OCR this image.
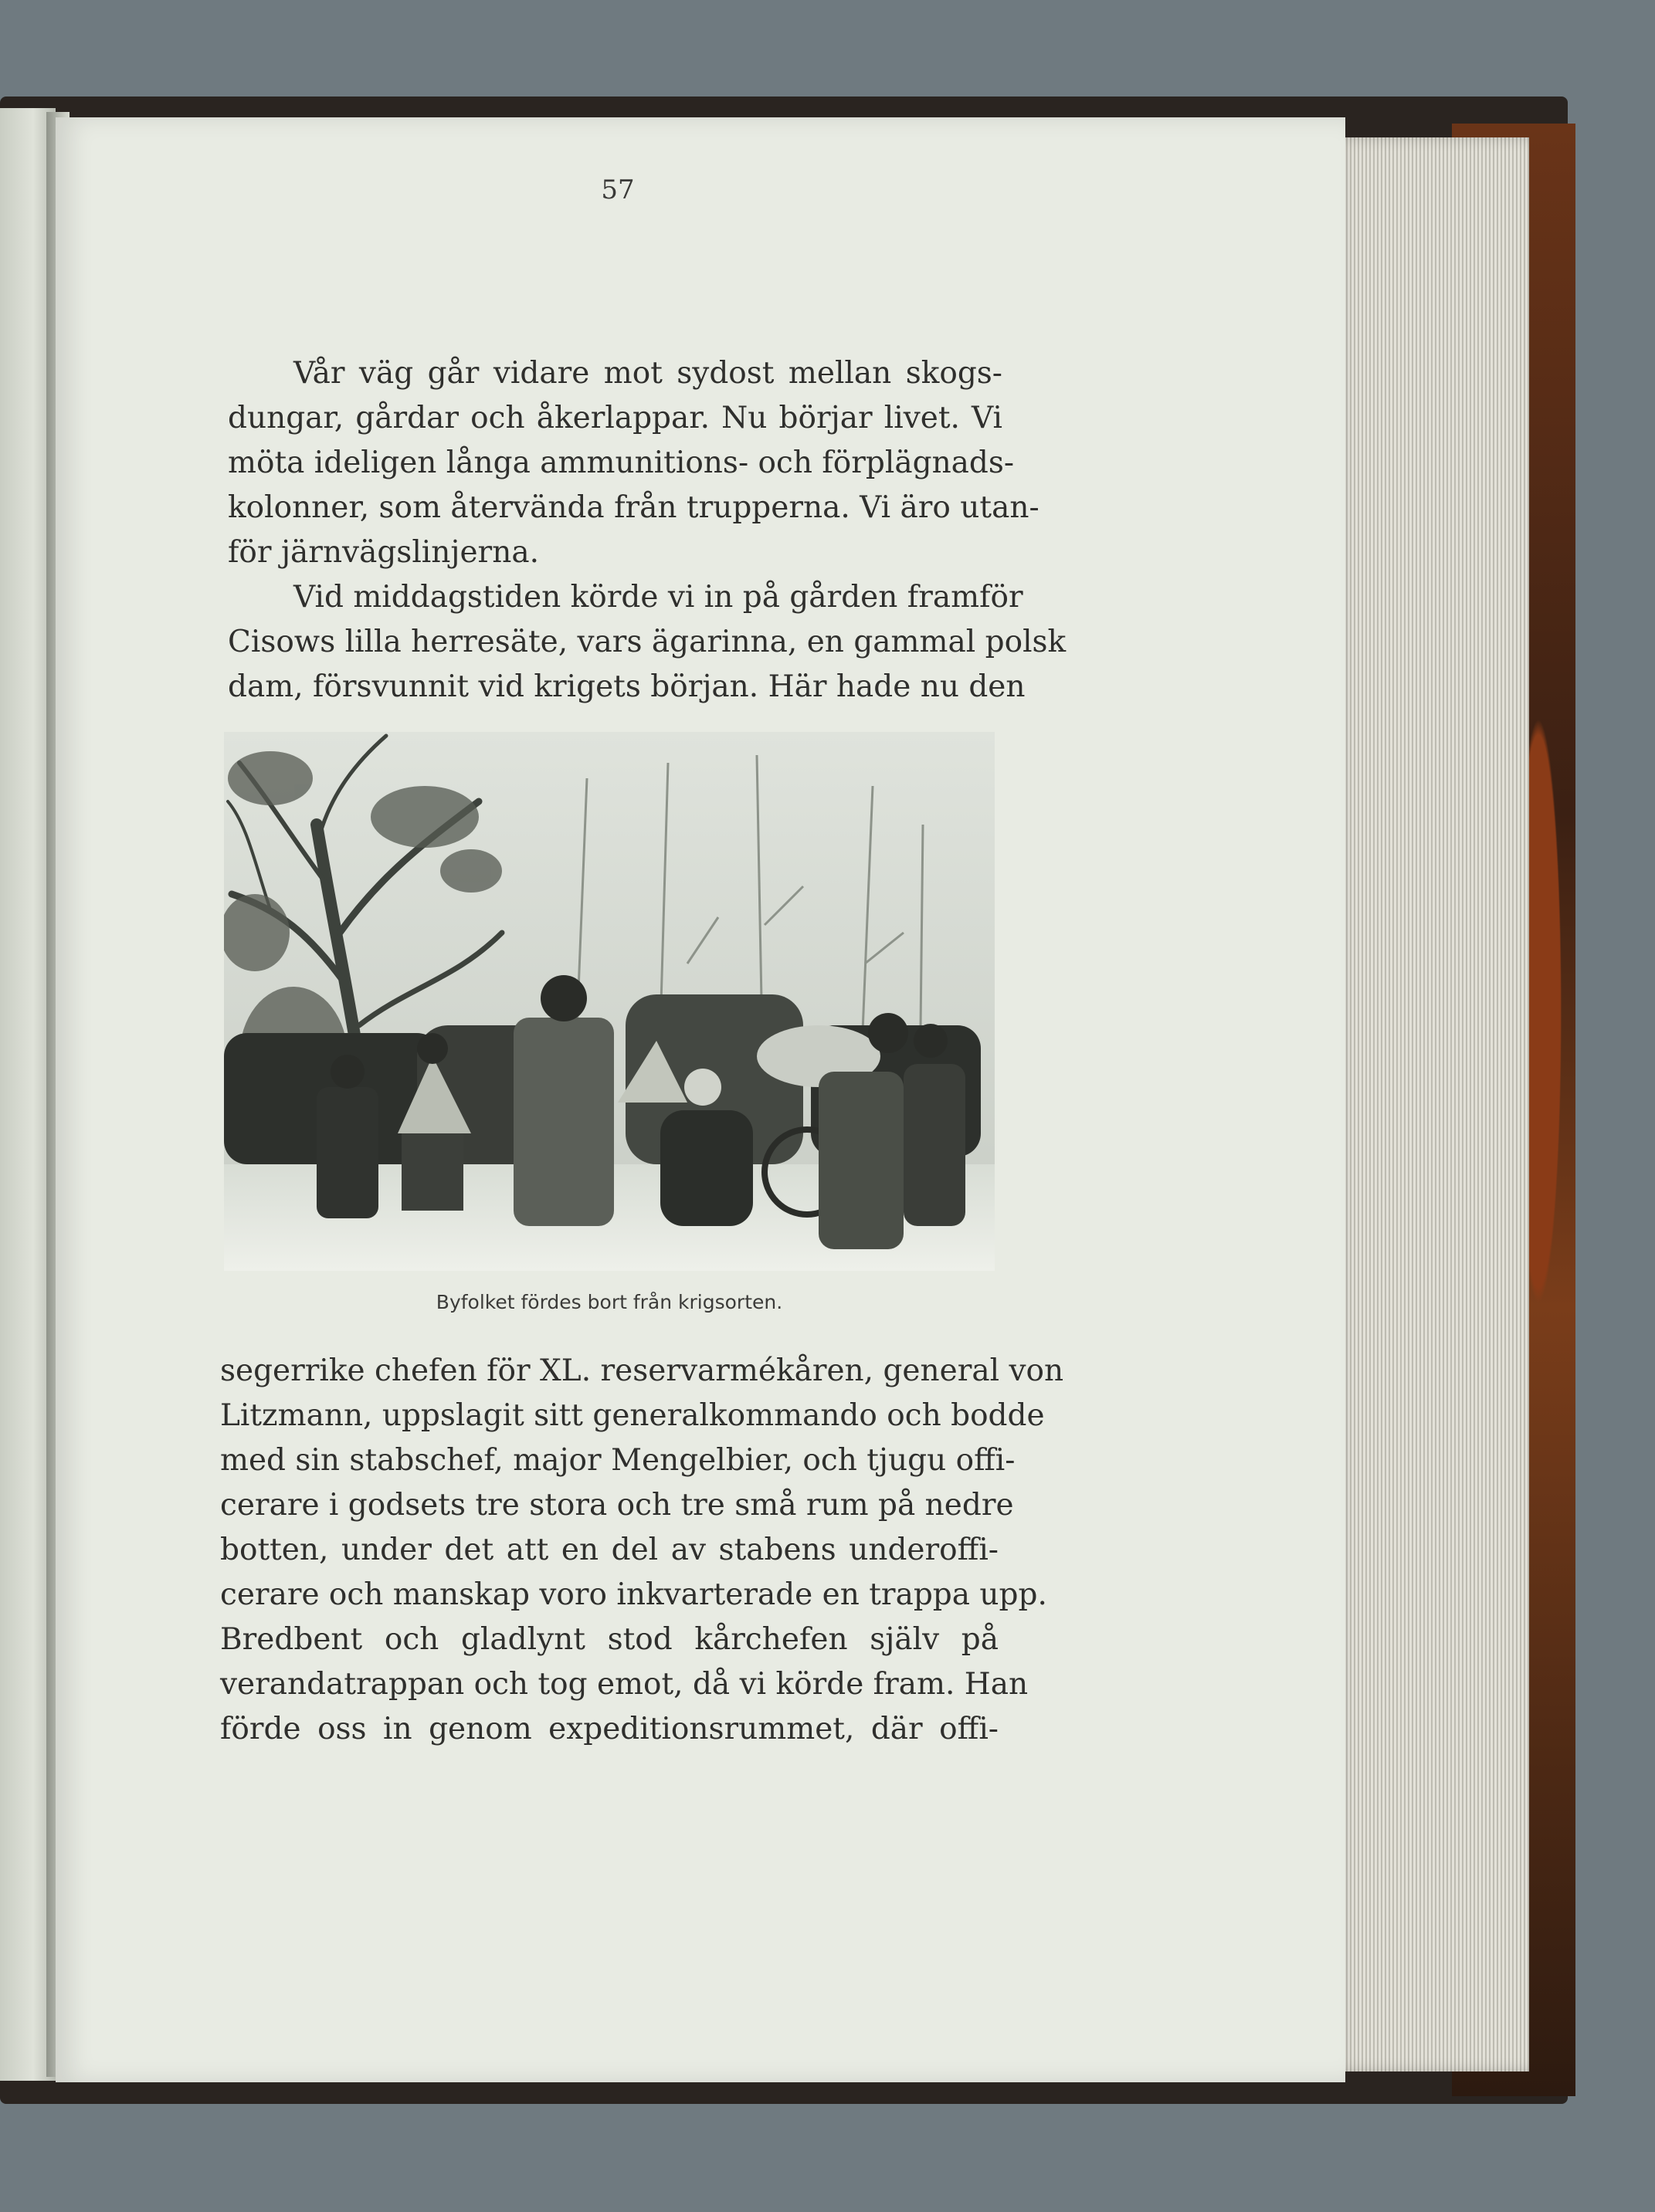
57

Vår väg går vidare mot sydost mellan skogs-
dungar, gårdar och åkerlappar. Nu börjar livet. Vi
möta ideligen långa ammunitions- och förplägnads-
kolonner, som återvända från trupperna. Vi äro utan-
för järnvägslinjerna.

Vid middagstiden körde vi in på gården framför
Cisows lilla herresäte, vars ägarinna, en gammal polsk
dam, försvunnit vid krigets början. Här hade nu den

Byfolket fördes bort från krigsorten.

segerrike chefen för XL. reservarmékåren, general von
Litzmann, uppslagit sitt generalkommando och bodde
med sin stabschef, major Mengelbier, och tjugu offi-
cerare i godsets tre stora och tre små rum på nedre
botten, under det att en del av stabens underoffi-
cerare och manskap voro inkvarterade en trappa upp.
Bredbent och gladlynt stod kårchefen själv på
verandatrappan och tog emot, då vi körde fram. Han
förde oss in genom expeditionsrummet, där offi-
